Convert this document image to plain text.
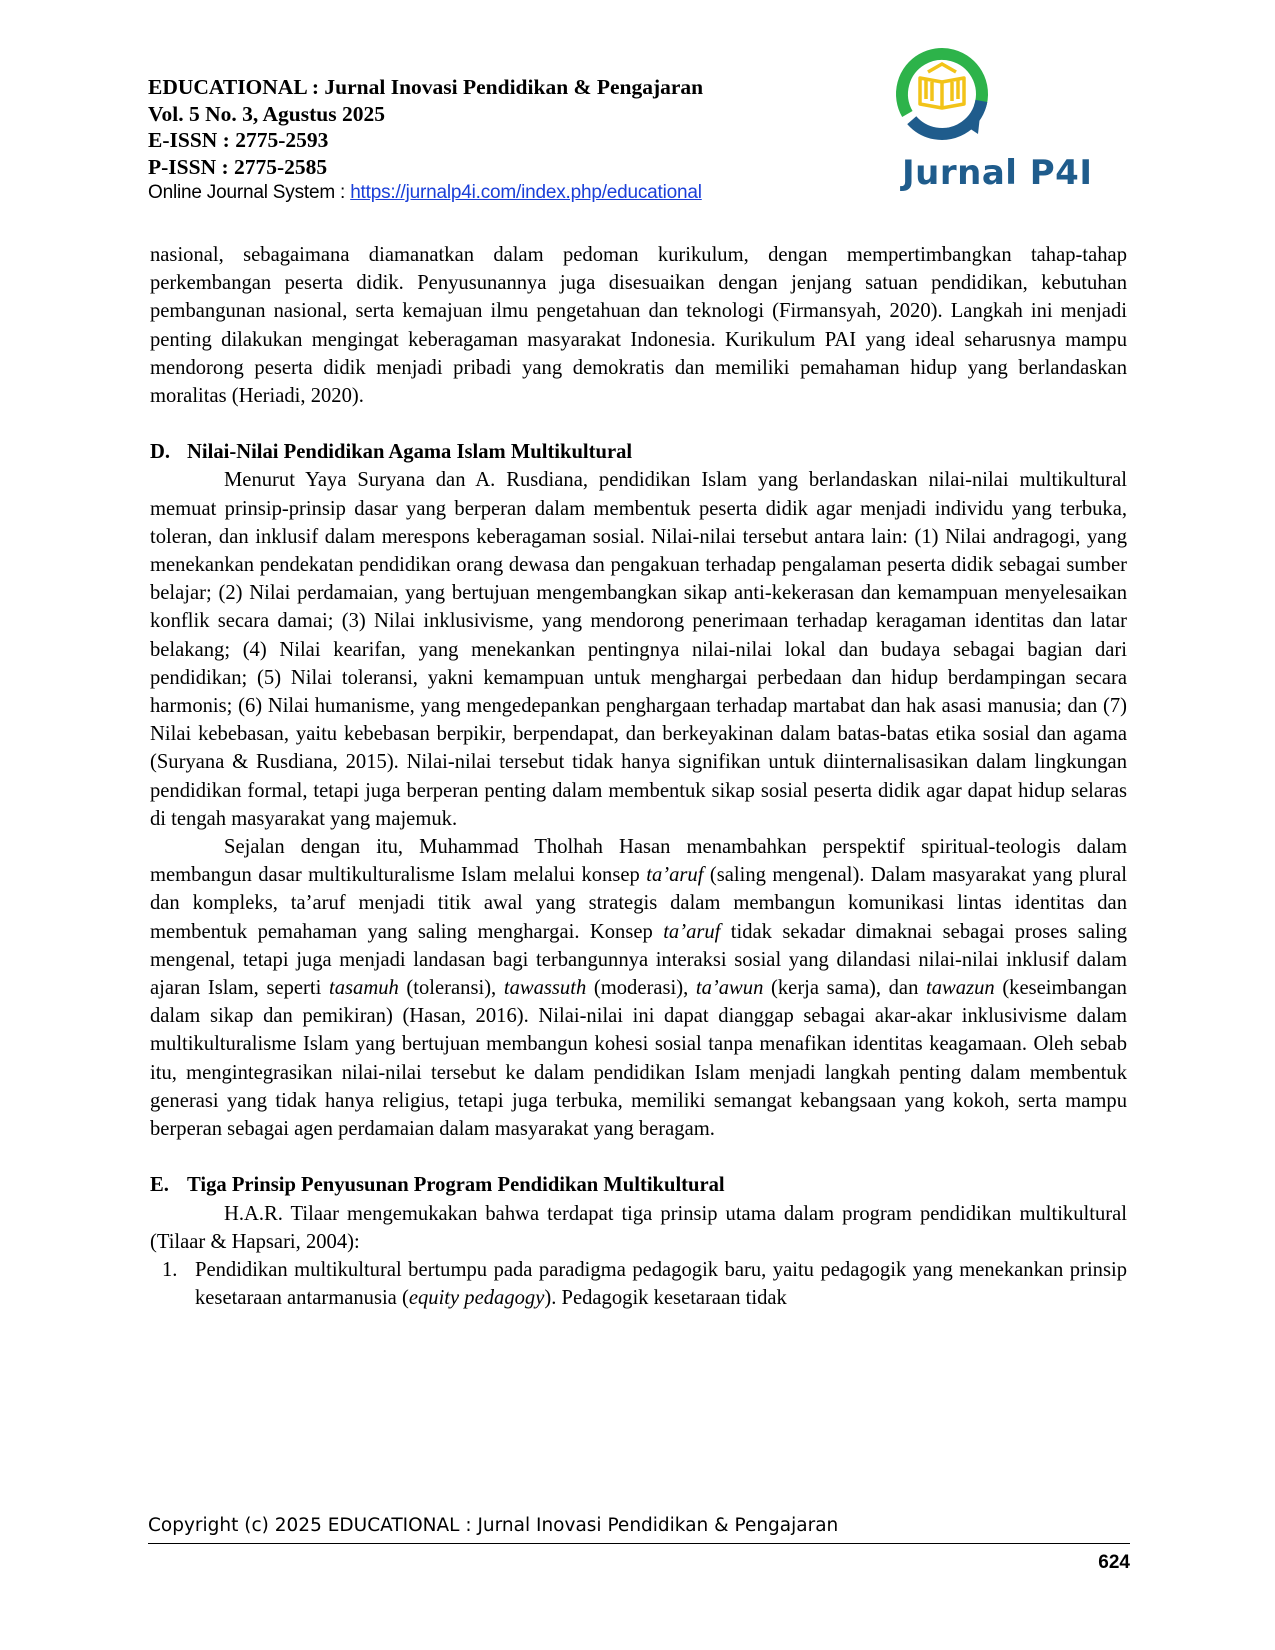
EDUCATIONAL : Jurnal Inovasi Pendidikan & Pengajaran
Vol. 5 No. 3, Agustus 2025
E-ISSN : 2775-2593
P-ISSN : 2775-2585
Online Journal System : https://jurnalp4i.com/index.php/educational	Jurnal P4I

nasional, sebagaimana diamanatkan dalam pedoman kurikulum, dengan mempertimbangkan tahap-tahap perkembangan peserta didik. Penyusunannya juga disesuaikan dengan jenjang satuan pendidikan, kebutuhan pembangunan nasional, serta kemajuan ilmu pengetahuan dan teknologi (Firmansyah, 2020). Langkah ini menjadi penting dilakukan mengingat keberagaman masyarakat Indonesia. Kurikulum PAI yang ideal seharusnya mampu mendorong peserta didik menjadi pribadi yang demokratis dan memiliki pemahaman hidup yang berlandaskan moralitas (Heriadi, 2020).

D. Nilai-Nilai Pendidikan Agama Islam Multikultural

Menurut Yaya Suryana dan A. Rusdiana, pendidikan Islam yang berlandaskan nilai-nilai multikultural memuat prinsip-prinsip dasar yang berperan dalam membentuk peserta didik agar menjadi individu yang terbuka, toleran, dan inklusif dalam merespons keberagaman sosial. Nilai-nilai tersebut antara lain: (1) Nilai andragogi, yang menekankan pendekatan pendidikan orang dewasa dan pengakuan terhadap pengalaman peserta didik sebagai sumber belajar; (2) Nilai perdamaian, yang bertujuan mengembangkan sikap anti-kekerasan dan kemampuan menyelesaikan konflik secara damai; (3) Nilai inklusivisme, yang mendorong penerimaan terhadap keragaman identitas dan latar belakang; (4) Nilai kearifan, yang menekankan pentingnya nilai-nilai lokal dan budaya sebagai bagian dari pendidikan; (5) Nilai toleransi, yakni kemampuan untuk menghargai perbedaan dan hidup berdampingan secara harmonis; (6) Nilai humanisme, yang mengedepankan penghargaan terhadap martabat dan hak asasi manusia; dan (7) Nilai kebebasan, yaitu kebebasan berpikir, berpendapat, dan berkeyakinan dalam batas-batas etika sosial dan agama (Suryana & Rusdiana, 2015). Nilai-nilai tersebut tidak hanya signifikan untuk diinternalisasikan dalam lingkungan pendidikan formal, tetapi juga berperan penting dalam membentuk sikap sosial peserta didik agar dapat hidup selaras di tengah masyarakat yang majemuk.

Sejalan dengan itu, Muhammad Tholhah Hasan menambahkan perspektif spiritual-teologis dalam membangun dasar multikulturalisme Islam melalui konsep ta’aruf (saling mengenal). Dalam masyarakat yang plural dan kompleks, ta’aruf menjadi titik awal yang strategis dalam membangun komunikasi lintas identitas dan membentuk pemahaman yang saling menghargai. Konsep ta’aruf tidak sekadar dimaknai sebagai proses saling mengenal, tetapi juga menjadi landasan bagi terbangunnya interaksi sosial yang dilandasi nilai-nilai inklusif dalam ajaran Islam, seperti tasamuh (toleransi), tawassuth (moderasi), ta’awun (kerja sama), dan tawazun (keseimbangan dalam sikap dan pemikiran) (Hasan, 2016). Nilai-nilai ini dapat dianggap sebagai akar-akar inklusivisme dalam multikulturalisme Islam yang bertujuan membangun kohesi sosial tanpa menafikan identitas keagamaan. Oleh sebab itu, mengintegrasikan nilai-nilai tersebut ke dalam pendidikan Islam menjadi langkah penting dalam membentuk generasi yang tidak hanya religius, tetapi juga terbuka, memiliki semangat kebangsaan yang kokoh, serta mampu berperan sebagai agen perdamaian dalam masyarakat yang beragam.

E. Tiga Prinsip Penyusunan Program Pendidikan Multikultural

H.A.R. Tilaar mengemukakan bahwa terdapat tiga prinsip utama dalam program pendidikan multikultural (Tilaar & Hapsari, 2004):

1. Pendidikan multikultural bertumpu pada paradigma pedagogik baru, yaitu pedagogik yang menekankan prinsip kesetaraan antarmanusia (equity pedagogy). Pedagogik kesetaraan tidak
Copyright (c) 2025 EDUCATIONAL : Jurnal Inovasi Pendidikan & Pengajaran
624
